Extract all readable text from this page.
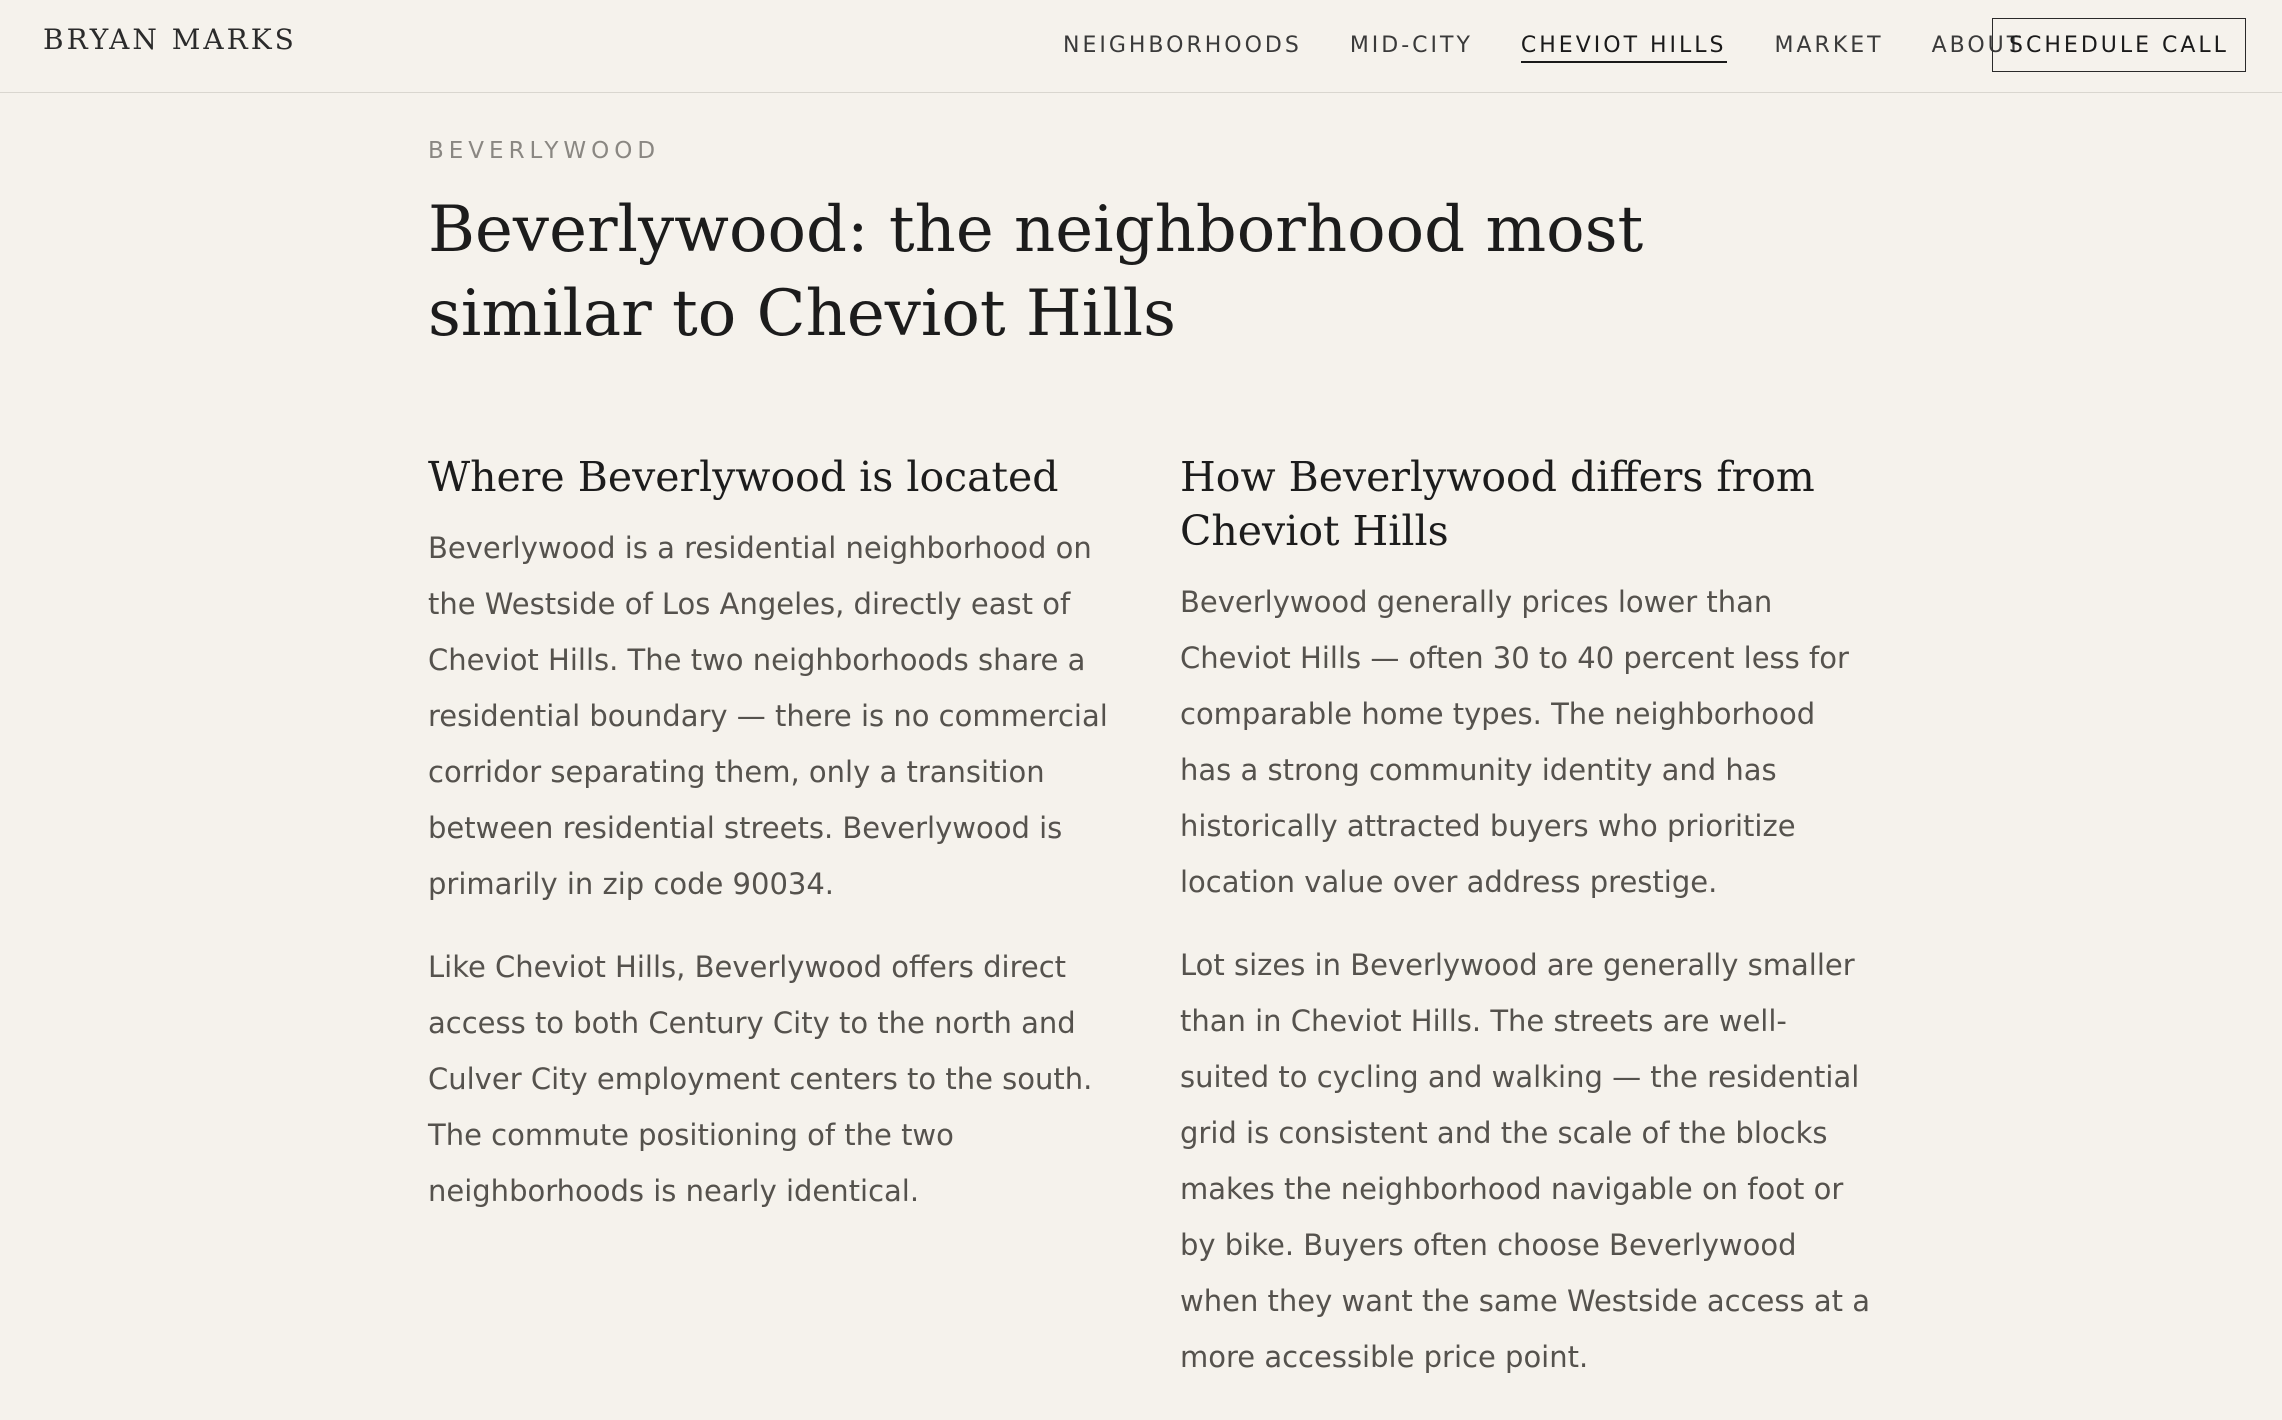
BRYAN MARKS	NEIGHBORHOODS MID-CITY CHEVIOT HILLS MARKET ABOUT
SCHEDULE CALL
BEVERLYWOOD
Beverlywood: the neighborhood most similar to Cheviot Hills
Where Beverlywood is located

Beverlywood is a residential neighborhood on the Westside of Los Angeles, directly east of Cheviot Hills. The two neighborhoods share a residential boundary — there is no commercial corridor separating them, only a transition between residential streets. Beverlywood is primarily in zip code 90034.

Like Cheviot Hills, Beverlywood offers direct access to both Century City to the north and Culver City employment centers to the south. The commute positioning of the two neighborhoods is nearly identical.

How Beverlywood differs from Cheviot Hills

Beverlywood generally prices lower than Cheviot Hills — often 30 to 40 percent less for comparable home types. The neighborhood has a strong community identity and has historically attracted buyers who prioritize location value over address prestige.

Lot sizes in Beverlywood are generally smaller than in Cheviot Hills. The streets are well-suited to cycling and walking — the residential grid is consistent and the scale of the blocks makes the neighborhood navigable on foot or by bike. Buyers often choose Beverlywood when they want the same Westside access at a more accessible price point.
